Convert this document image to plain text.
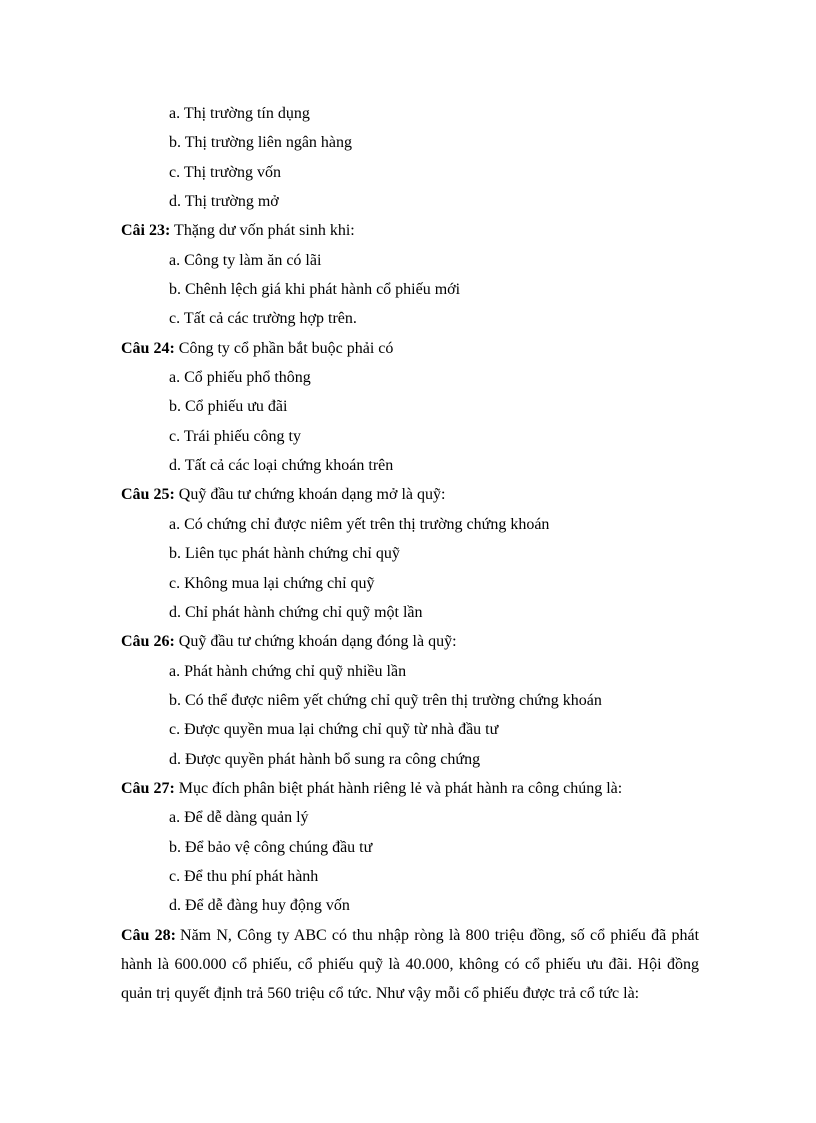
a. Thị trường tín dụng
b. Thị trường liên ngân hàng
c. Thị trường vốn
d. Thị trường mở
Câi 23: Thặng dư vốn phát sinh khi:
a. Công ty làm ăn có lãi
b. Chênh lệch giá khi phát hành cổ phiếu mới
c. Tất cả các trường hợp trên.
Câu 24: Công ty cổ phần bắt buộc phải có
a. Cổ phiếu phổ thông
b. Cổ phiếu ưu đãi
c. Trái phiếu công ty
d. Tất cả các loại chứng khoán trên
Câu 25: Quỹ đầu tư chứng khoán dạng mở là quỹ:
a. Có chứng chỉ được niêm yết trên thị trường chứng khoán
b. Liên tục phát hành chứng chỉ quỹ
c. Không mua lại chứng chỉ quỹ
d. Chỉ phát hành chứng chỉ quỹ một lần
Câu 26: Quỹ đầu tư chứng khoán dạng đóng là quỹ:
a. Phát hành chứng chỉ quỹ nhiều lần
b. Có thể được niêm yết chứng chỉ quỹ trên thị trường chứng khoán
c. Được quyền mua lại chứng chỉ quỹ từ nhà đầu tư
d. Được quyền phát hành bổ sung ra công chứng
Câu 27: Mục đích phân biệt phát hành riêng lẻ và phát hành ra công chúng là:
a. Để dễ dàng quản lý
b. Để bảo vệ công chúng đầu tư
c. Để thu phí phát hành
d. Để dễ đàng huy động vốn

Câu 28: Năm N, Công ty ABC có thu nhập ròng là 800 triệu đồng, số cổ phiếu đã phát hành là 600.000 cổ phiếu, cổ phiếu quỹ là 40.000, không có cổ phiếu ưu đãi. Hội đồng quản trị quyết định trả 560 triệu cổ tức. Như vậy mỗi cổ phiếu được trả cổ tức là:
